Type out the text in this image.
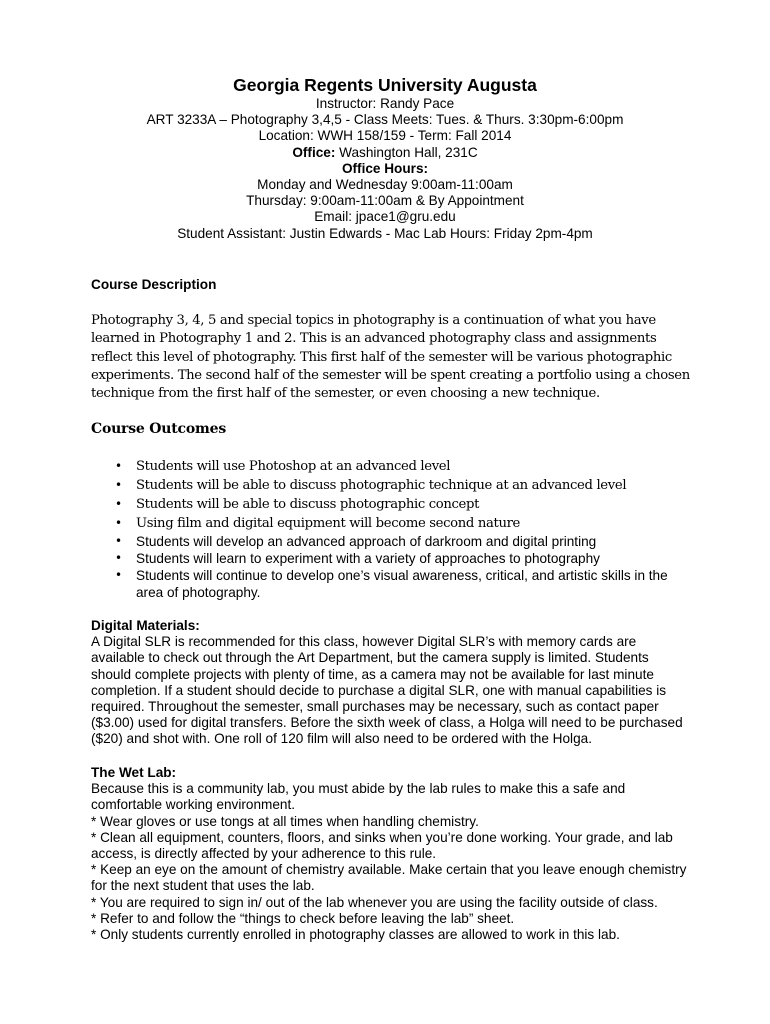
Georgia Regents University Augusta
Instructor: Randy Pace
ART 3233A – Photography 3,4,5 - Class Meets: Tues. & Thurs. 3:30pm-6:00pm
Location: WWH 158/159 - Term: Fall 2014
Office: Washington Hall, 231C
Office Hours:
Monday and Wednesday 9:00am-11:00am
Thursday: 9:00am-11:00am & By Appointment
Email: jpace1@gru.edu
Student Assistant: Justin Edwards - Mac Lab Hours: Friday 2pm-4pm
Course Description
Photography 3, 4, 5 and special topics in photography is a continuation of what you have learned in Photography 1 and 2. This is an advanced photography class and assignments reflect this level of photography. This first half of the semester will be various photographic experiments. The second half of the semester will be spent creating a portfolio using a chosen technique from the first half of the semester, or even choosing a new technique.
Course Outcomes
• Students will use Photoshop at an advanced level
• Students will be able to discuss photographic technique at an advanced level
• Students will be able to discuss photographic concept
• Using film and digital equipment will become second nature
• Students will develop an advanced approach of darkroom and digital printing
• Students will learn to experiment with a variety of approaches to photography
• Students will continue to develop one’s visual awareness, critical, and artistic skills in the area of photography.

Digital Materials:

A Digital SLR is recommended for this class, however Digital SLR’s with memory cards are available to check out through the Art Department, but the camera supply is limited. Students should complete projects with plenty of time, as a camera may not be available for last minute completion. If a student should decide to purchase a digital SLR, one with manual capabilities is required. Throughout the semester, small purchases may be necessary, such as contact paper ($3.00) used for digital transfers. Before the sixth week of class, a Holga will need to be purchased ($20) and shot with. One roll of 120 film will also need to be ordered with the Holga.

The Wet Lab:

Because this is a community lab, you must abide by the lab rules to make this a safe and comfortable working environment.

* Wear gloves or use tongs at all times when handling chemistry.

* Clean all equipment, counters, floors, and sinks when you’re done working. Your grade, and lab access, is directly affected by your adherence to this rule.

* Keep an eye on the amount of chemistry available. Make certain that you leave enough chemistry for the next student that uses the lab.

* You are required to sign in/ out of the lab whenever you are using the facility outside of class.

* Refer to and follow the “things to check before leaving the lab” sheet.

* Only students currently enrolled in photography classes are allowed to work in this lab.
